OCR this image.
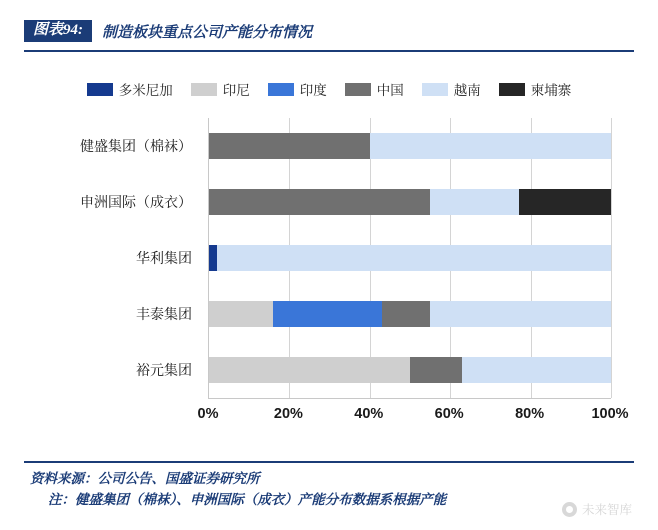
图表94:	制造板块重点公司产能分布情况
多米尼加	印尼	印度	中国	越南	柬埔寨
健盛集团（棉袜）
申洲国际（成衣）
华利集团
丰泰集团
裕元集团
0%	20%	40%	60%	80%	100%
资料来源：公司公告、国盛证券研究所
注：健盛集团（棉袜）、申洲国际（成衣）产能分布数据系根据产能
未来智库
